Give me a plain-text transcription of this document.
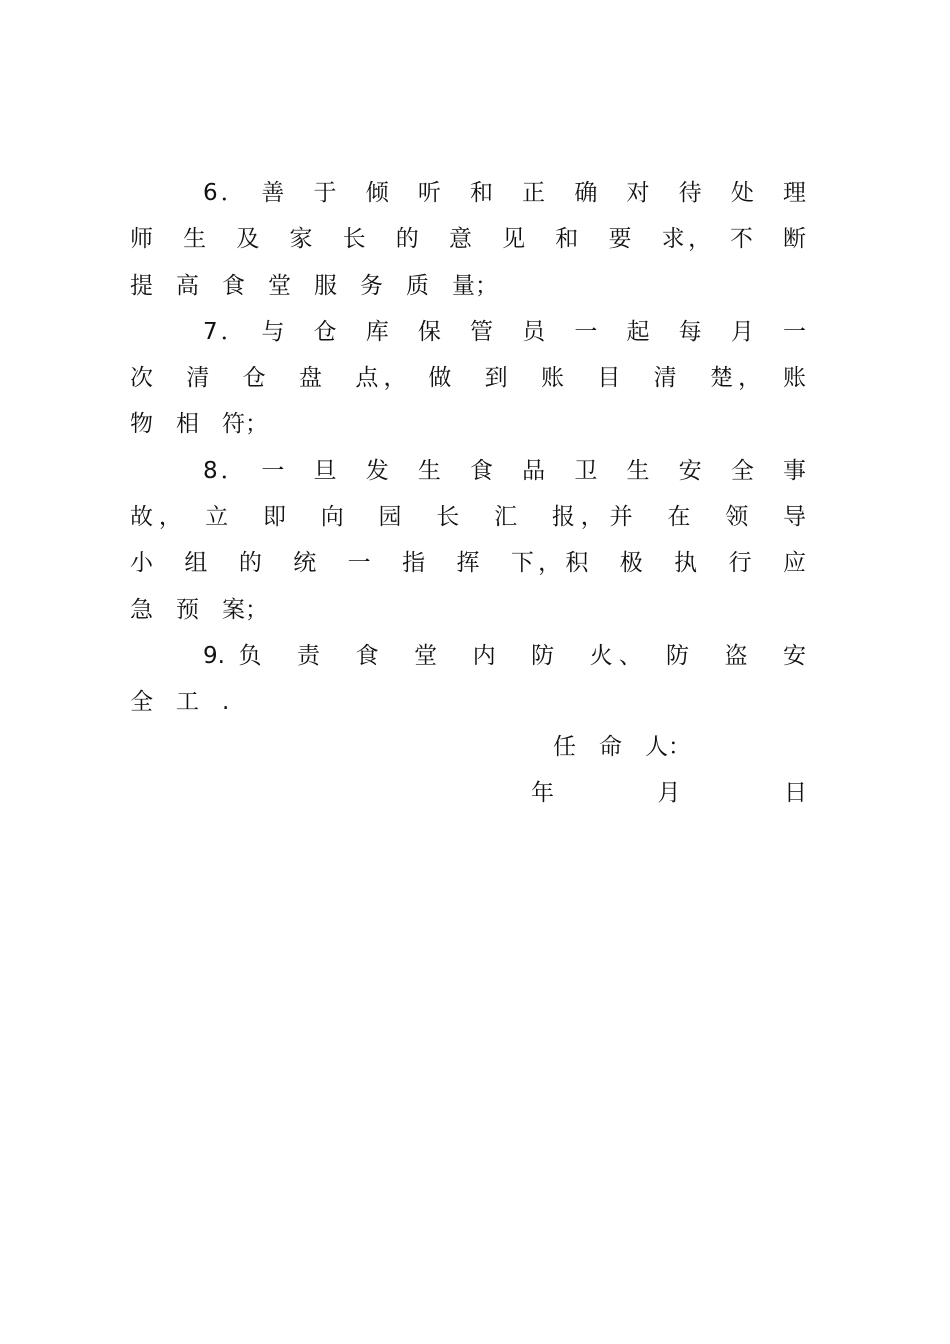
6．　善　于　倾　听　和　正　确　对　待　处　理
师　生　及　家　长　的　意　见　和　要　求，　不　断
提　高　食　堂　服　务　质　量；

7．　与　仓　库　保　管　员　一　起　每　月　一
次　清　仓　盘　点，　做　到　账　目　清　楚，　账
物　相　符；

8．　一　旦　发　生　食　品　卫　生　安　全　事
故，　立　即　向　园　长　汇　报，并　在　领　导
小　组　的　统　一　指　挥　下，积　极　执　行　应
急　预　案；

9. 负　责　食　堂　内　防　火、　防　盗　安
全　工　.

任　命　人：
年	月	日
